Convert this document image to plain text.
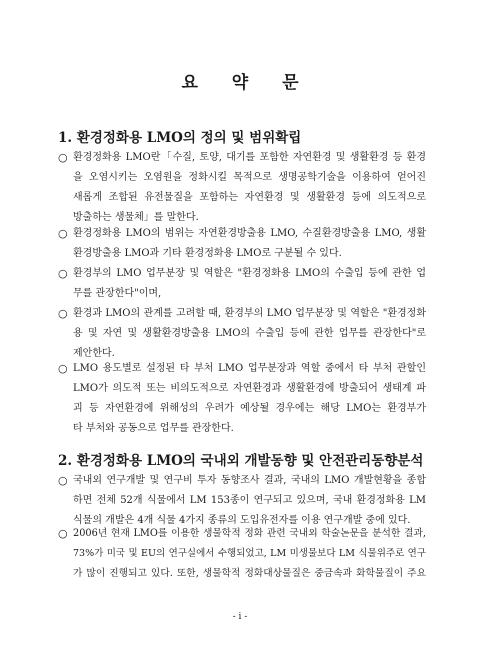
요 약 문
1. 환경정화용 LMO의 정의 및 범위확립
○ 환경정화용 LMO란「수질, 토양, 대기를 포함한 자연환경 및 생활환경 등 환경
을 오염시키는 오염원을 정화시킬 목적으로 생명공학기술을 이용하여 얻어진
새롭게 조합된 유전물질을 포함하는 자연환경 및 생활환경 등에 의도적으로
방출하는 생물체」를 말한다.
○ 환경정화용 LMO의 범위는 자연환경방출용 LMO, 수질환경방출용 LMO, 생활
환경방출용 LMO과 기타 환경정화용 LMO로 구분될 수 있다.
○ 환경부의 LMO 업무분장 및 역할은 "환경정화용 LMO의 수출입 등에 관한 업
무를 관장한다"이며,
○ 환경과 LMO의 관계를 고려할 때, 환경부의 LMO 업무분장 및 역할은 "환경정화
용 및 자연 및 생활환경방출용 LMO의 수출입 등에 관한 업무를 관장한다"로
제안한다.
○ LMO 용도별로 설정된 타 부처 LMO 업무분장과 역할 중에서 타 부처 관할인
LMO가 의도적 또는 비의도적으로 자연환경과 생활환경에 방출되어 생태계 파
괴 등 자연환경에 위해성의 우려가 예상될 경우에는 해당 LMO는 환경부가
타 부처와 공동으로 업무를 관장한다.
2. 환경정화용 LMO의 국내외 개발동향 및 안전관리동향분석
○ 국내외 연구개발 및 연구비 투자 동향조사 결과, 국내의 LMO 개발현황을 종합
하면 전체 52개 식물에서 LM 153종이 연구되고 있으며, 국내 환경정화용 LM
식물의 개발은 4개 식물 4가지 종류의 도입유전자를 이용 연구개발 중에 있다.
○ 2006년 현재 LMO를 이용한 생물학적 정화 관련 국내외 학술논문을 분석한 결과,
73%가 미국 및 EU의 연구실에서 수행되었고, LM 미생물보다 LM 식물위주로 연구
가 많이 진행되고 있다. 또한, 생물학적 정화대상물질은 중금속과 화학물질이 주요
- i -
